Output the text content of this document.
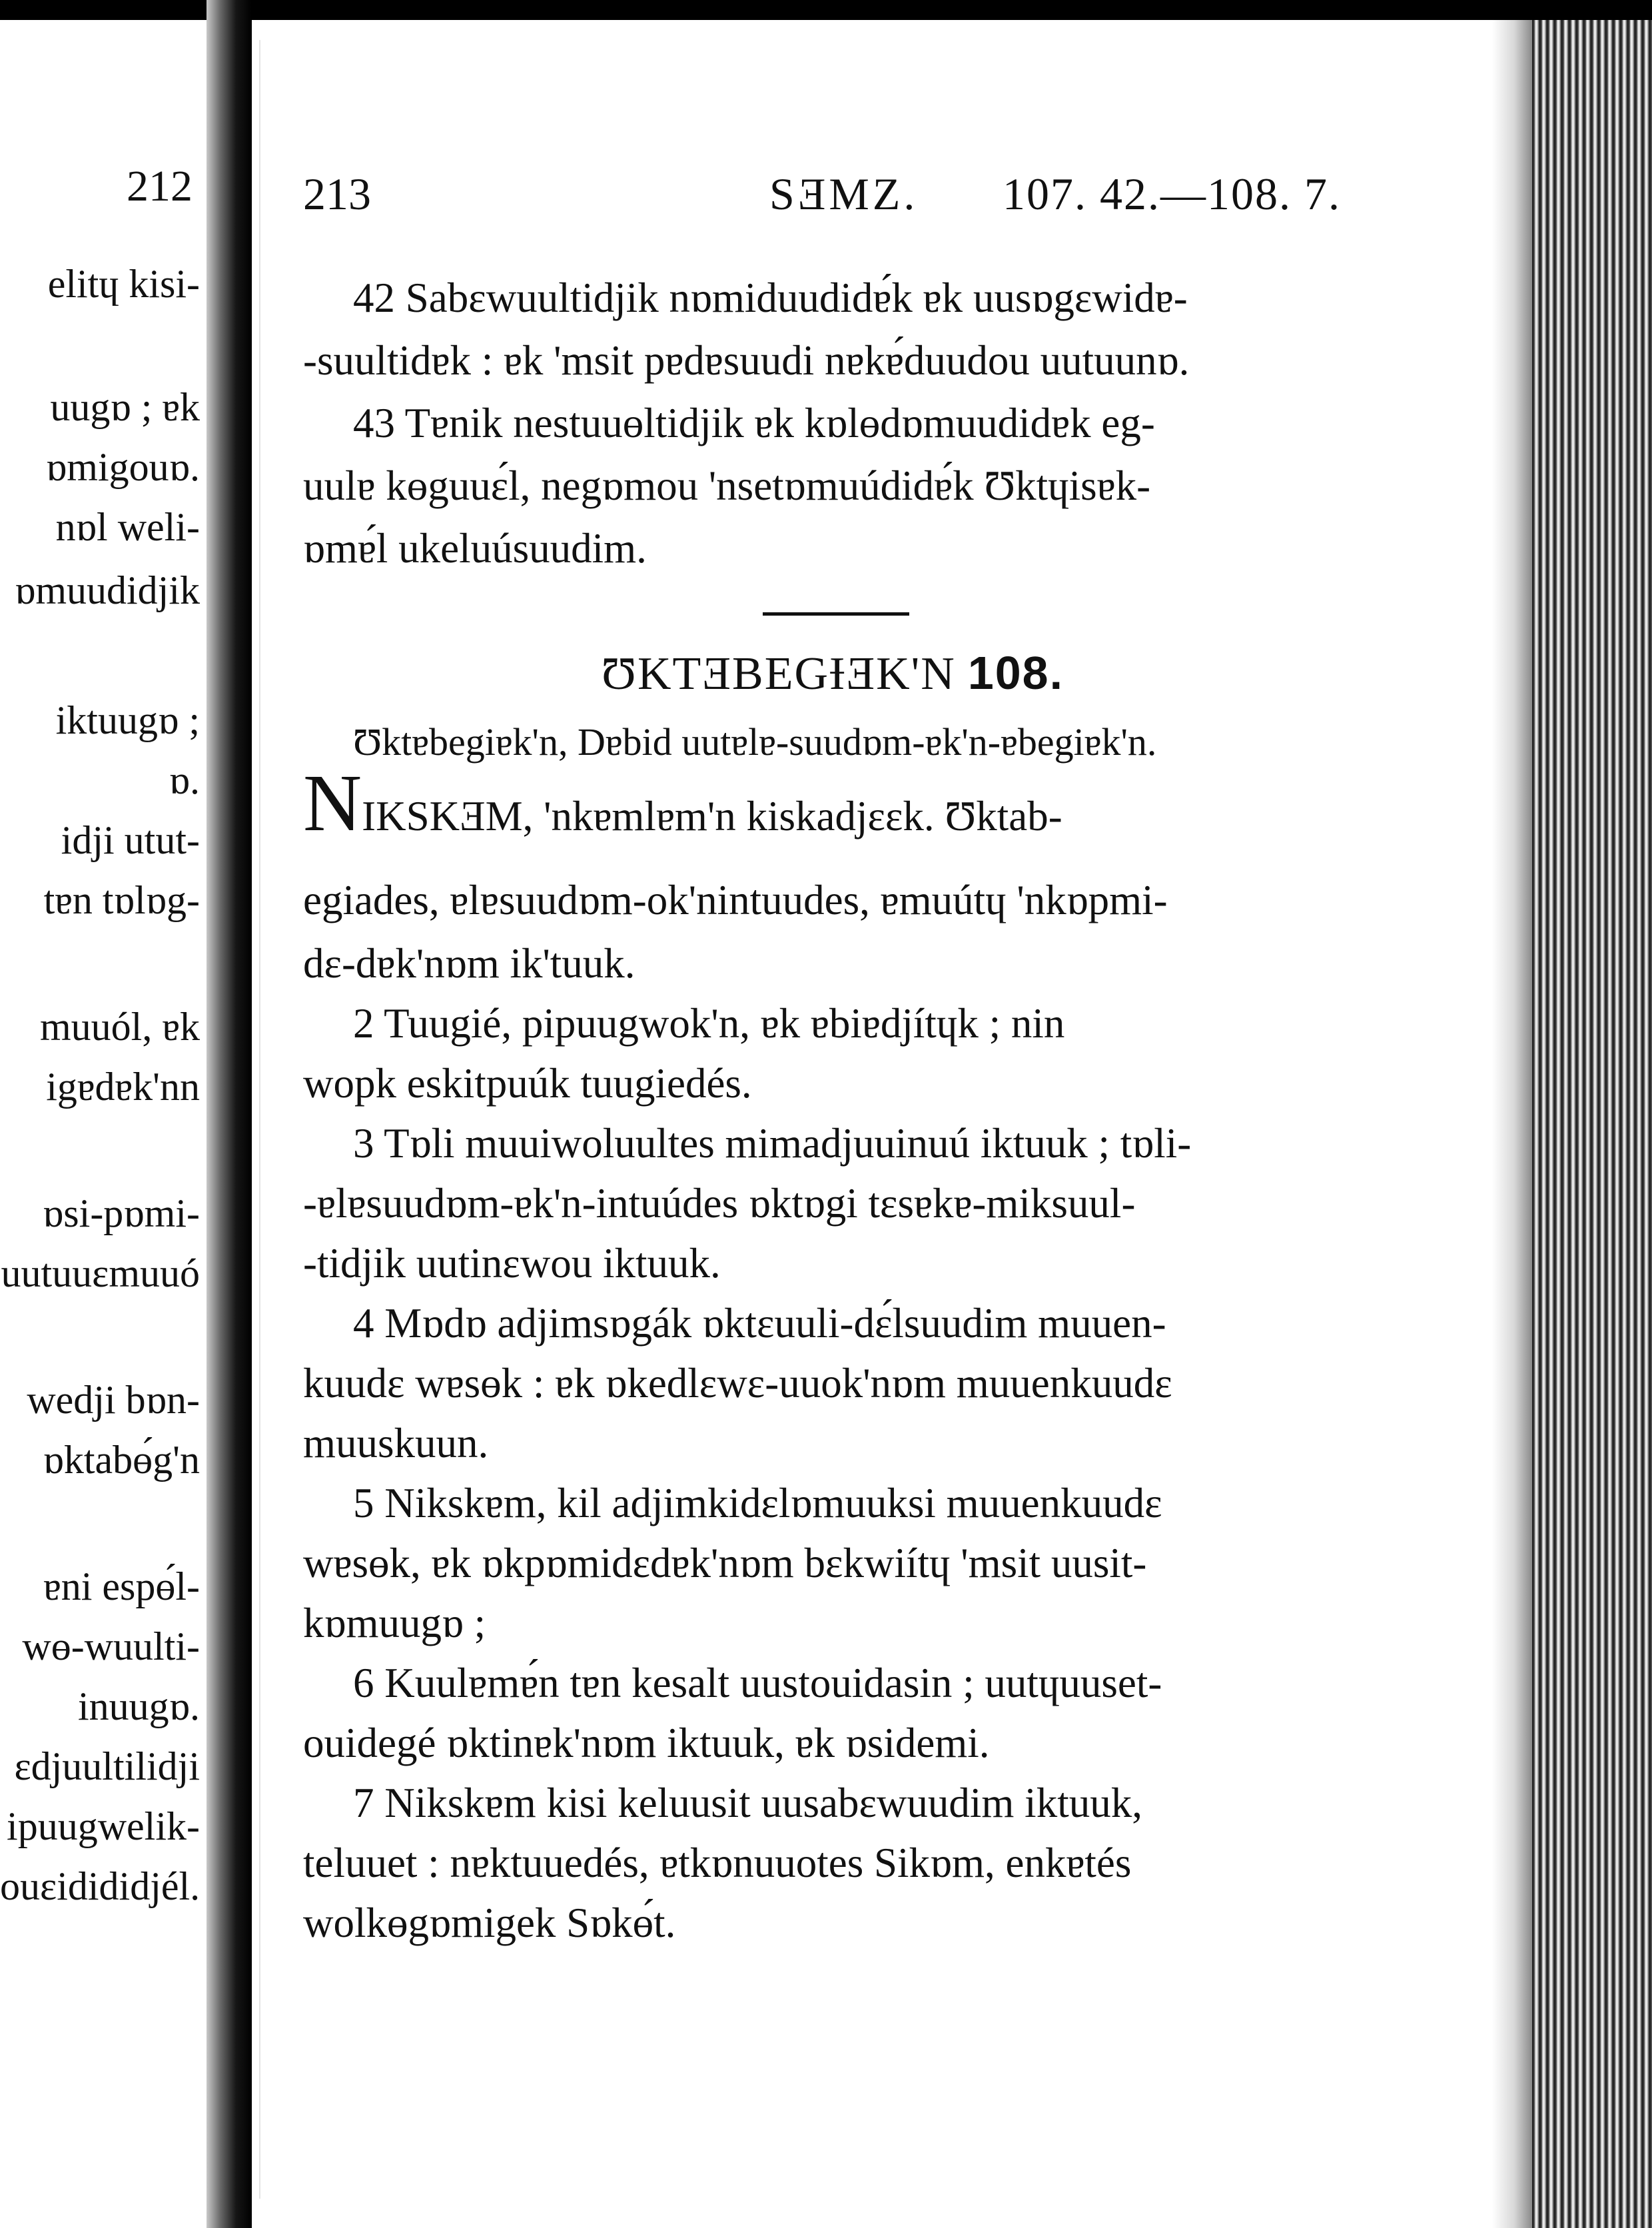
212
elitɥ kisi-
uugɒ ; ɐk
ɒmigouɒ.
nɒl weli-
ɒmuudidjik
iktuugɒ ;
ɒ.
idji utut-
tɐn tɒlɒg-
muuól, ɐk
igɐdɐk'nn
ɒsi-pɒmi-
uutuuɛmuuó
wedji bɒn-
ɒktabɵ́g'n
ɐni espɵ́l-
wɵ-wuulti-
inuugɒ.
ɛdjuultilidji
ipuugwelik-
ouɛidididjél.
213	SƎMZ. 107. 42.—108. 7.
42 Sabɛwuultidjik nɒmiduudidɐ́k ɐk uusɒgɛwidɐ-
-suultidɐk : ɐk 'msit pɐdɐsuudi nɐkɐ́duudou uutuunɒ.
43 Tɐnik nestuuɵltidjik ɐk kɒlɵdɒmuudidɐk eg-
uulɐ kɵguuɛ́l, negɒmou 'nsetɒmuúdidɐ́k Ʊktɥisɐk-
ɒmɐ́l ukeluúsuudim.
ƱKTƎBEGƗƎK'N 108.
Ʊktɐbegiɐk'n, Dɐbid uutɐlɐ-suudɒm-ɐk'n-ɐbegiɐk'n.
NIKSKƎM, 'nkɐmlɐm'n kiskadjɛɛk. Ʊktab-
egiades, ɐlɐsuudɒm-ok'nintuudes, ɐmuútɥ 'nkɒpmi-
dɛ-dɐk'nɒm ik'tuuk.
2 Tuugié, pipuugwok'n, ɐk ɐbiɐdjítɥk ; nin
wopk eskitpuúk tuugiedés.
3 Tɒli muuiwoluultes mimadjuuinuú iktuuk ; tɒli-
-ɐlɐsuudɒm-ɐk'n-intuúdes ɒktɒgi tɛsɐkɐ-miksuul-
-tidjik uutinɛwou iktuuk.
4 Mɒdɒ adjimsɒgák ɒktɛuuli-dɛ́lsuudim muuen-
kuudɛ wɐsɵk : ɐk ɒkedlɛwɛ-uuok'nɒm muuenkuudɛ
muuskuun.
5 Nikskɐm, kil adjimkidɛlɒmuuksi muuenkuudɛ
wɐsɵk, ɐk ɒkpɒmidɛdɐk'nɒm bɛkwiítɥ 'msit uusit-
kɒmuugɒ ;
6 Kuulɐmɐ́n tɐn kesalt uustouidasin ; uutɥuuset-
ouidegé ɒktinɐk'nɒm iktuuk, ɐk ɒsidemi.
7 Nikskɐm kisi keluusit uusabɛwuudim iktuuk,
teluuet : nɐktuuedés, ɐtkɒnuuotes Sikɒm, enkɐtés
wolkɵgɒmigek Sɒkɵ́t.
